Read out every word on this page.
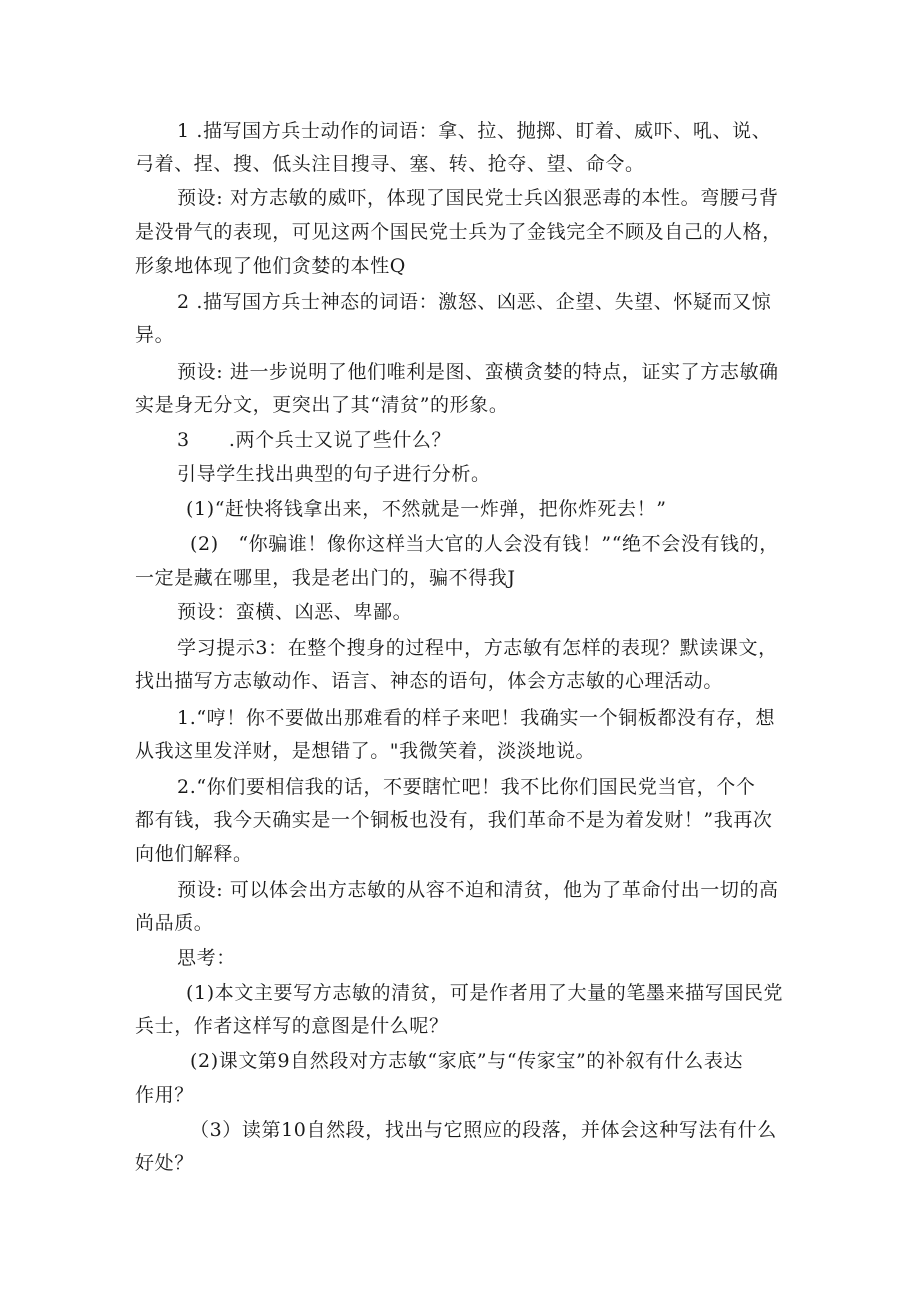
1 .描写国方兵士动作的词语：拿、拉、抛掷、盯着、威吓、吼、说、
弓着、捏、搜、低头注目搜寻、塞、转、抢夺、望、命令。
预设: 对方志敏的威吓，体现了国民党士兵凶狠恶毒的本性。弯腰弓背
是没骨气的表现，可见这两个国民党士兵为了金钱完全不顾及自己的人格，
形象地体现了他们贪婪的本性Q
2 .描写国方兵士神态的词语：激怒、凶恶、企望、失望、怀疑而又惊
异。
预设: 进一步说明了他们唯利是图、蛮横贪婪的特点，证实了方志敏确
实是身无分文，更突出了其“清贫”的形象。
3　　.两个兵士又说了些什么？
引导学生找出典型的句子进行分析。
(1)“赶快将钱拿出来，不然就是一炸弹，把你炸死去！”
(2)　“你骗谁！像你这样当大官的人会没有钱！”“绝不会没有钱的，
一定是藏在哪里，我是老出门的，骗不得我J
预设：蛮横、凶恶、卑鄙。
学习提示3：在整个搜身的过程中，方志敏有怎样的表现？默读课文，
找出描写方志敏动作、语言、神态的语句，体会方志敏的心理活动。
1.“哼！你不要做出那难看的样子来吧！我确实一个铜板都没有存，想
从我这里发洋财，是想错了。"我微笑着，淡淡地说。
2.“你们要相信我的话，不要瞎忙吧！我不比你们国民党当官，个个
都有钱，我今天确实是一个铜板也没有，我们革命不是为着发财！”我再次
向他们解释。
预设: 可以体会出方志敏的从容不迫和清贫，他为了革命付出一切的高
尚品质。
思考：
(1)本文主要写方志敏的清贫，可是作者用了大量的笔墨来描写国民党
兵士，作者这样写的意图是什么呢？
(2)课文第9自然段对方志敏“家底”与“传家宝”的补叙有什么表达
作用？
（3）读第10自然段，找出与它照应的段落，并体会这种写法有什么
好处？
